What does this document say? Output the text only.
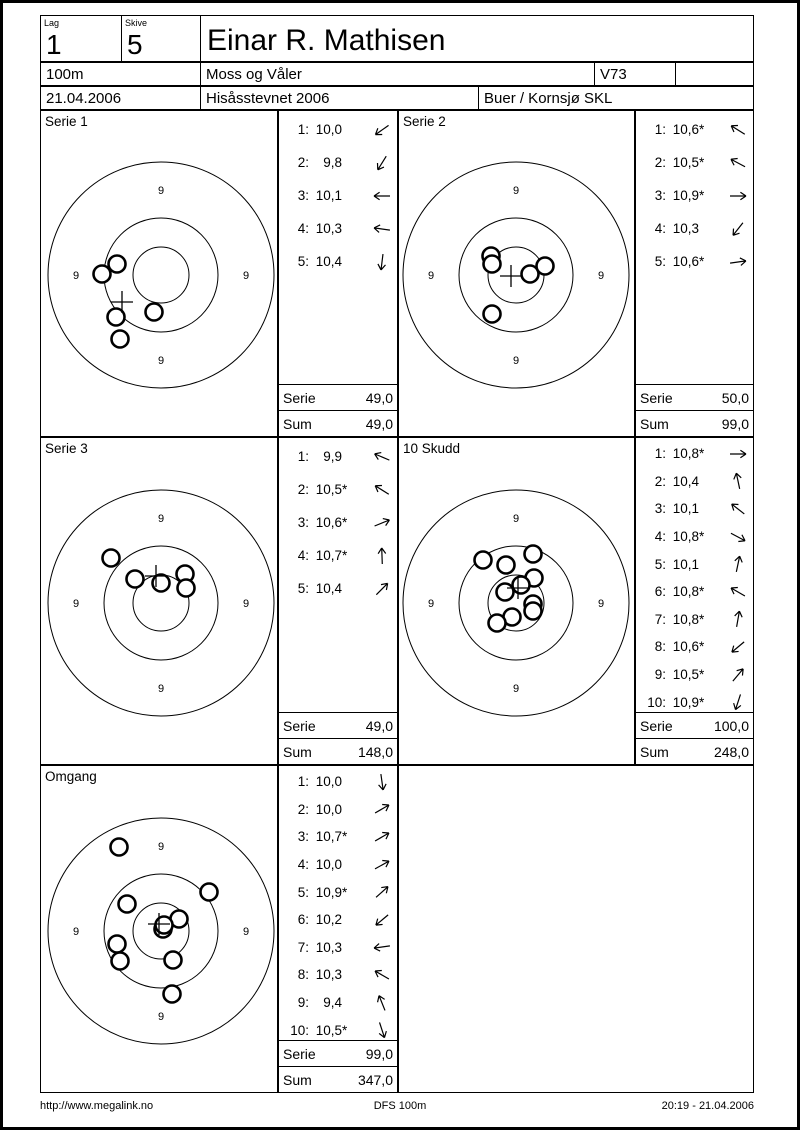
Lag
1
Skive
5 Einar R. Mathisen
100m	Moss og Våler	V73
21.04.2006	Hisåsstevnet 2006	Buer / Kornsjø SKL
Serie 1
9
9
9	9
1: 10,0
2:	9,8
3: 10,1
4: 10,3
5: 10,4
Serie	49,0
Sum	49,0
Serie 2
9
9
9	9
1: 10,6 *
2: 10,5 *
3: 10,9 *
4: 10,3
5: 10,6 *
Serie	50,0
Sum	99,0
Serie 3
9
9
9	9
1:	9,9
2: 10,5 *
3: 10,6 *
4: 10,7 *
5: 10,4
Serie	49,0
Sum	148,0
10 Skudd
9
9
9	9
1: 10,8 *
2: 10,4
3: 10,1
4: 10,8 *
5: 10,1
6: 10,8 *
7: 10,8 *
8: 10,6 *
9: 10,5 *
10: 10,9 *
Serie	100,0
Sum	248,0
Omgang
9
9
9	9
1: 10,0
2: 10,0
3: 10,7 *
4: 10,0
5: 10,9 *
6: 10,2
7: 10,3
8: 10,3
9:	9,4
10: 10,5 *
Serie	99,0
Sum	347,0
http://www.megalink.no	DFS 100m	20:19 - 21.04.2006
